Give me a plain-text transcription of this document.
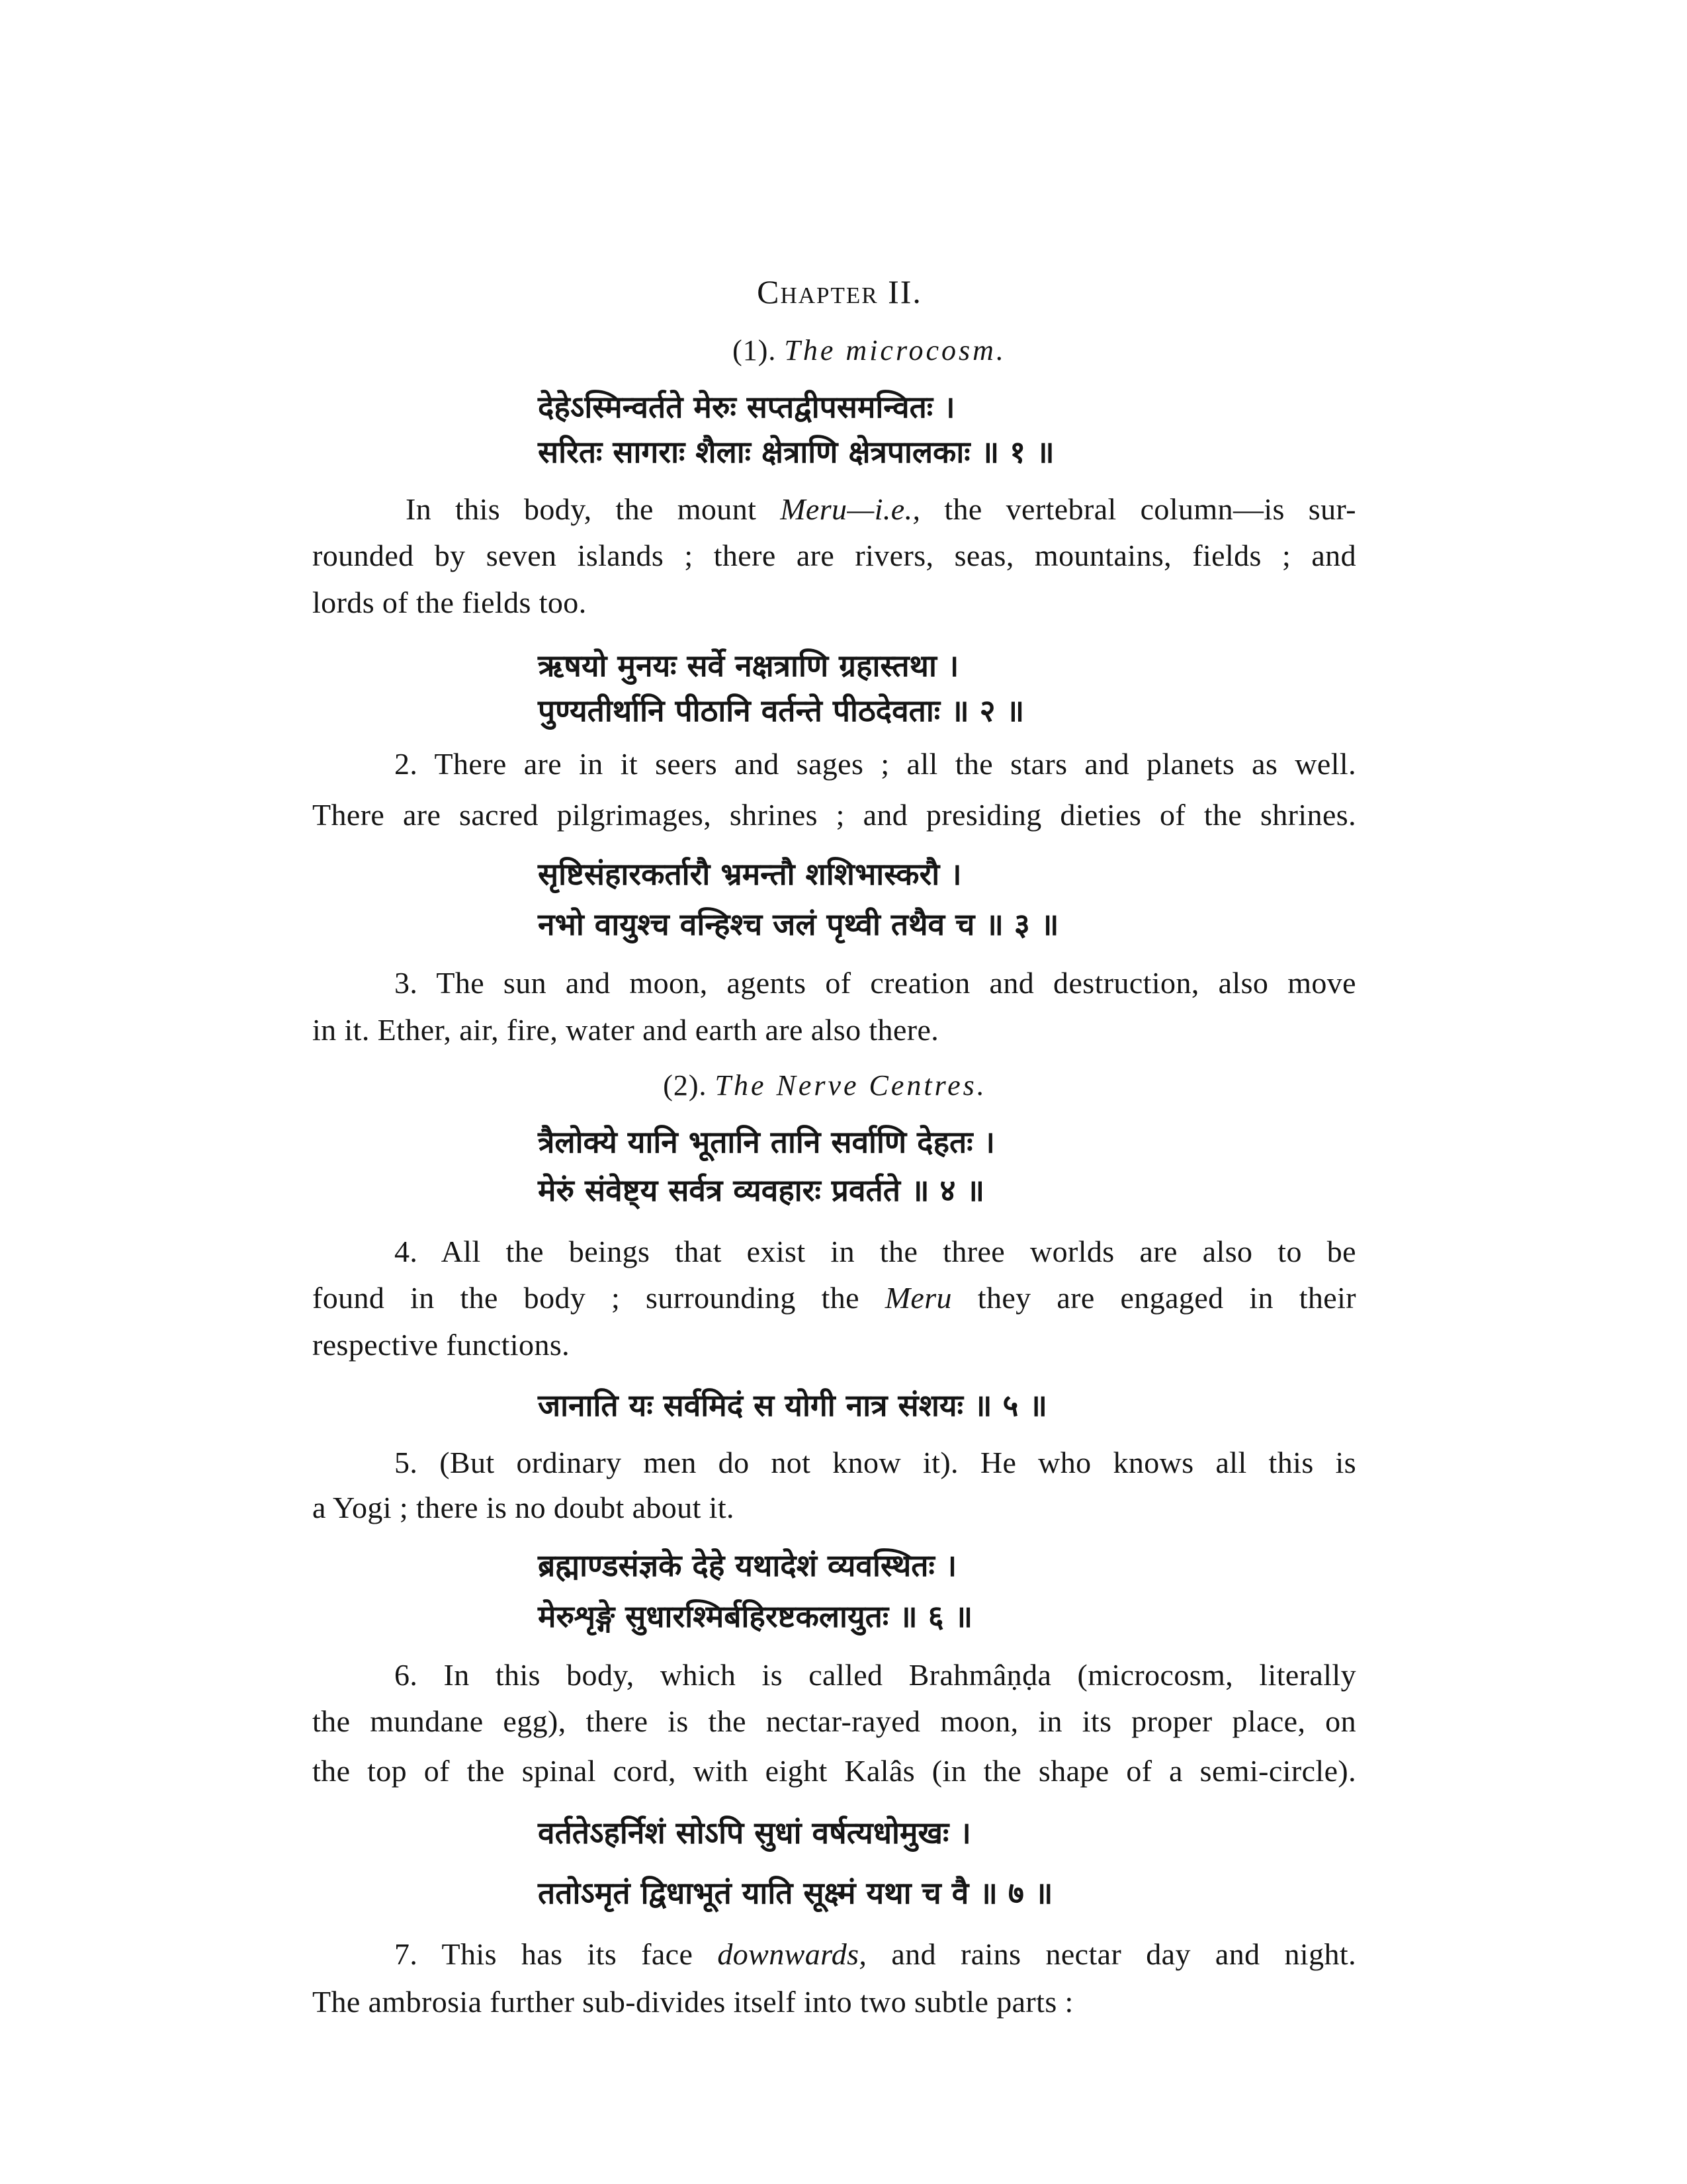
Chapter II.
(1). The microcosm.
देहेऽस्मिन्वर्तते मेरुः सप्तद्वीपसमन्वितः ।
सरितः सागराः शैलाः क्षेत्राणि क्षेत्रपालकाः ॥ १ ॥
In this body, the mount Meru—i.e., the vertebral column—is sur-
rounded by seven islands ; there are rivers, seas, mountains, fields ; and
lords of the fields too.
ऋषयो मुनयः सर्वे नक्षत्राणि ग्रहास्तथा ।
पुण्यतीर्थानि पीठानि वर्तन्ते पीठदेवताः ॥ २ ॥
2. There are in it seers and sages ; all the stars and planets as well.
There are sacred pilgrimages, shrines ; and presiding dieties of the shrines.
सृष्टिसंहारकर्तारौ भ्रमन्तौ शशिभास्करौ ।
नभो वायुश्च वन्हिश्च जलं पृथ्वी तथैव च ॥ ३ ॥
3. The sun and moon, agents of creation and destruction, also move
in it. Ether, air, fire, water and earth are also there.
(2). The Nerve Centres.
त्रैलोक्ये यानि भूतानि तानि सर्वाणि देहतः ।
मेरुं संवेष्ट्य सर्वत्र व्यवहारः प्रवर्तते ॥ ४ ॥
4. All the beings that exist in the three worlds are also to be
found in the body ; surrounding the Meru they are engaged in their
respective functions.
जानाति यः सर्वमिदं स योगी नात्र संशयः ॥ ५ ॥
5. (But ordinary men do not know it). He who knows all this is
a Yogi ; there is no doubt about it.
ब्रह्माण्डसंज्ञके देहे यथादेशं व्यवस्थितः ।
मेरुशृङ्गे सुधारश्मिर्बहिरष्टकलायुतः ॥ ६ ॥
6. In this body, which is called Brahmâṇḍa (microcosm, literally
the mundane egg), there is the nectar-rayed moon, in its proper place, on
the top of the spinal cord, with eight Kalâs (in the shape of a semi-circle).
वर्ततेऽहर्निशं सोऽपि सुधां वर्षत्यधोमुखः ।
ततोऽमृतं द्विधाभूतं याति सूक्ष्मं यथा च वै ॥ ७ ॥
7. This has its face downwards, and rains nectar day and night.
The ambrosia further sub-divides itself into two subtle parts :
